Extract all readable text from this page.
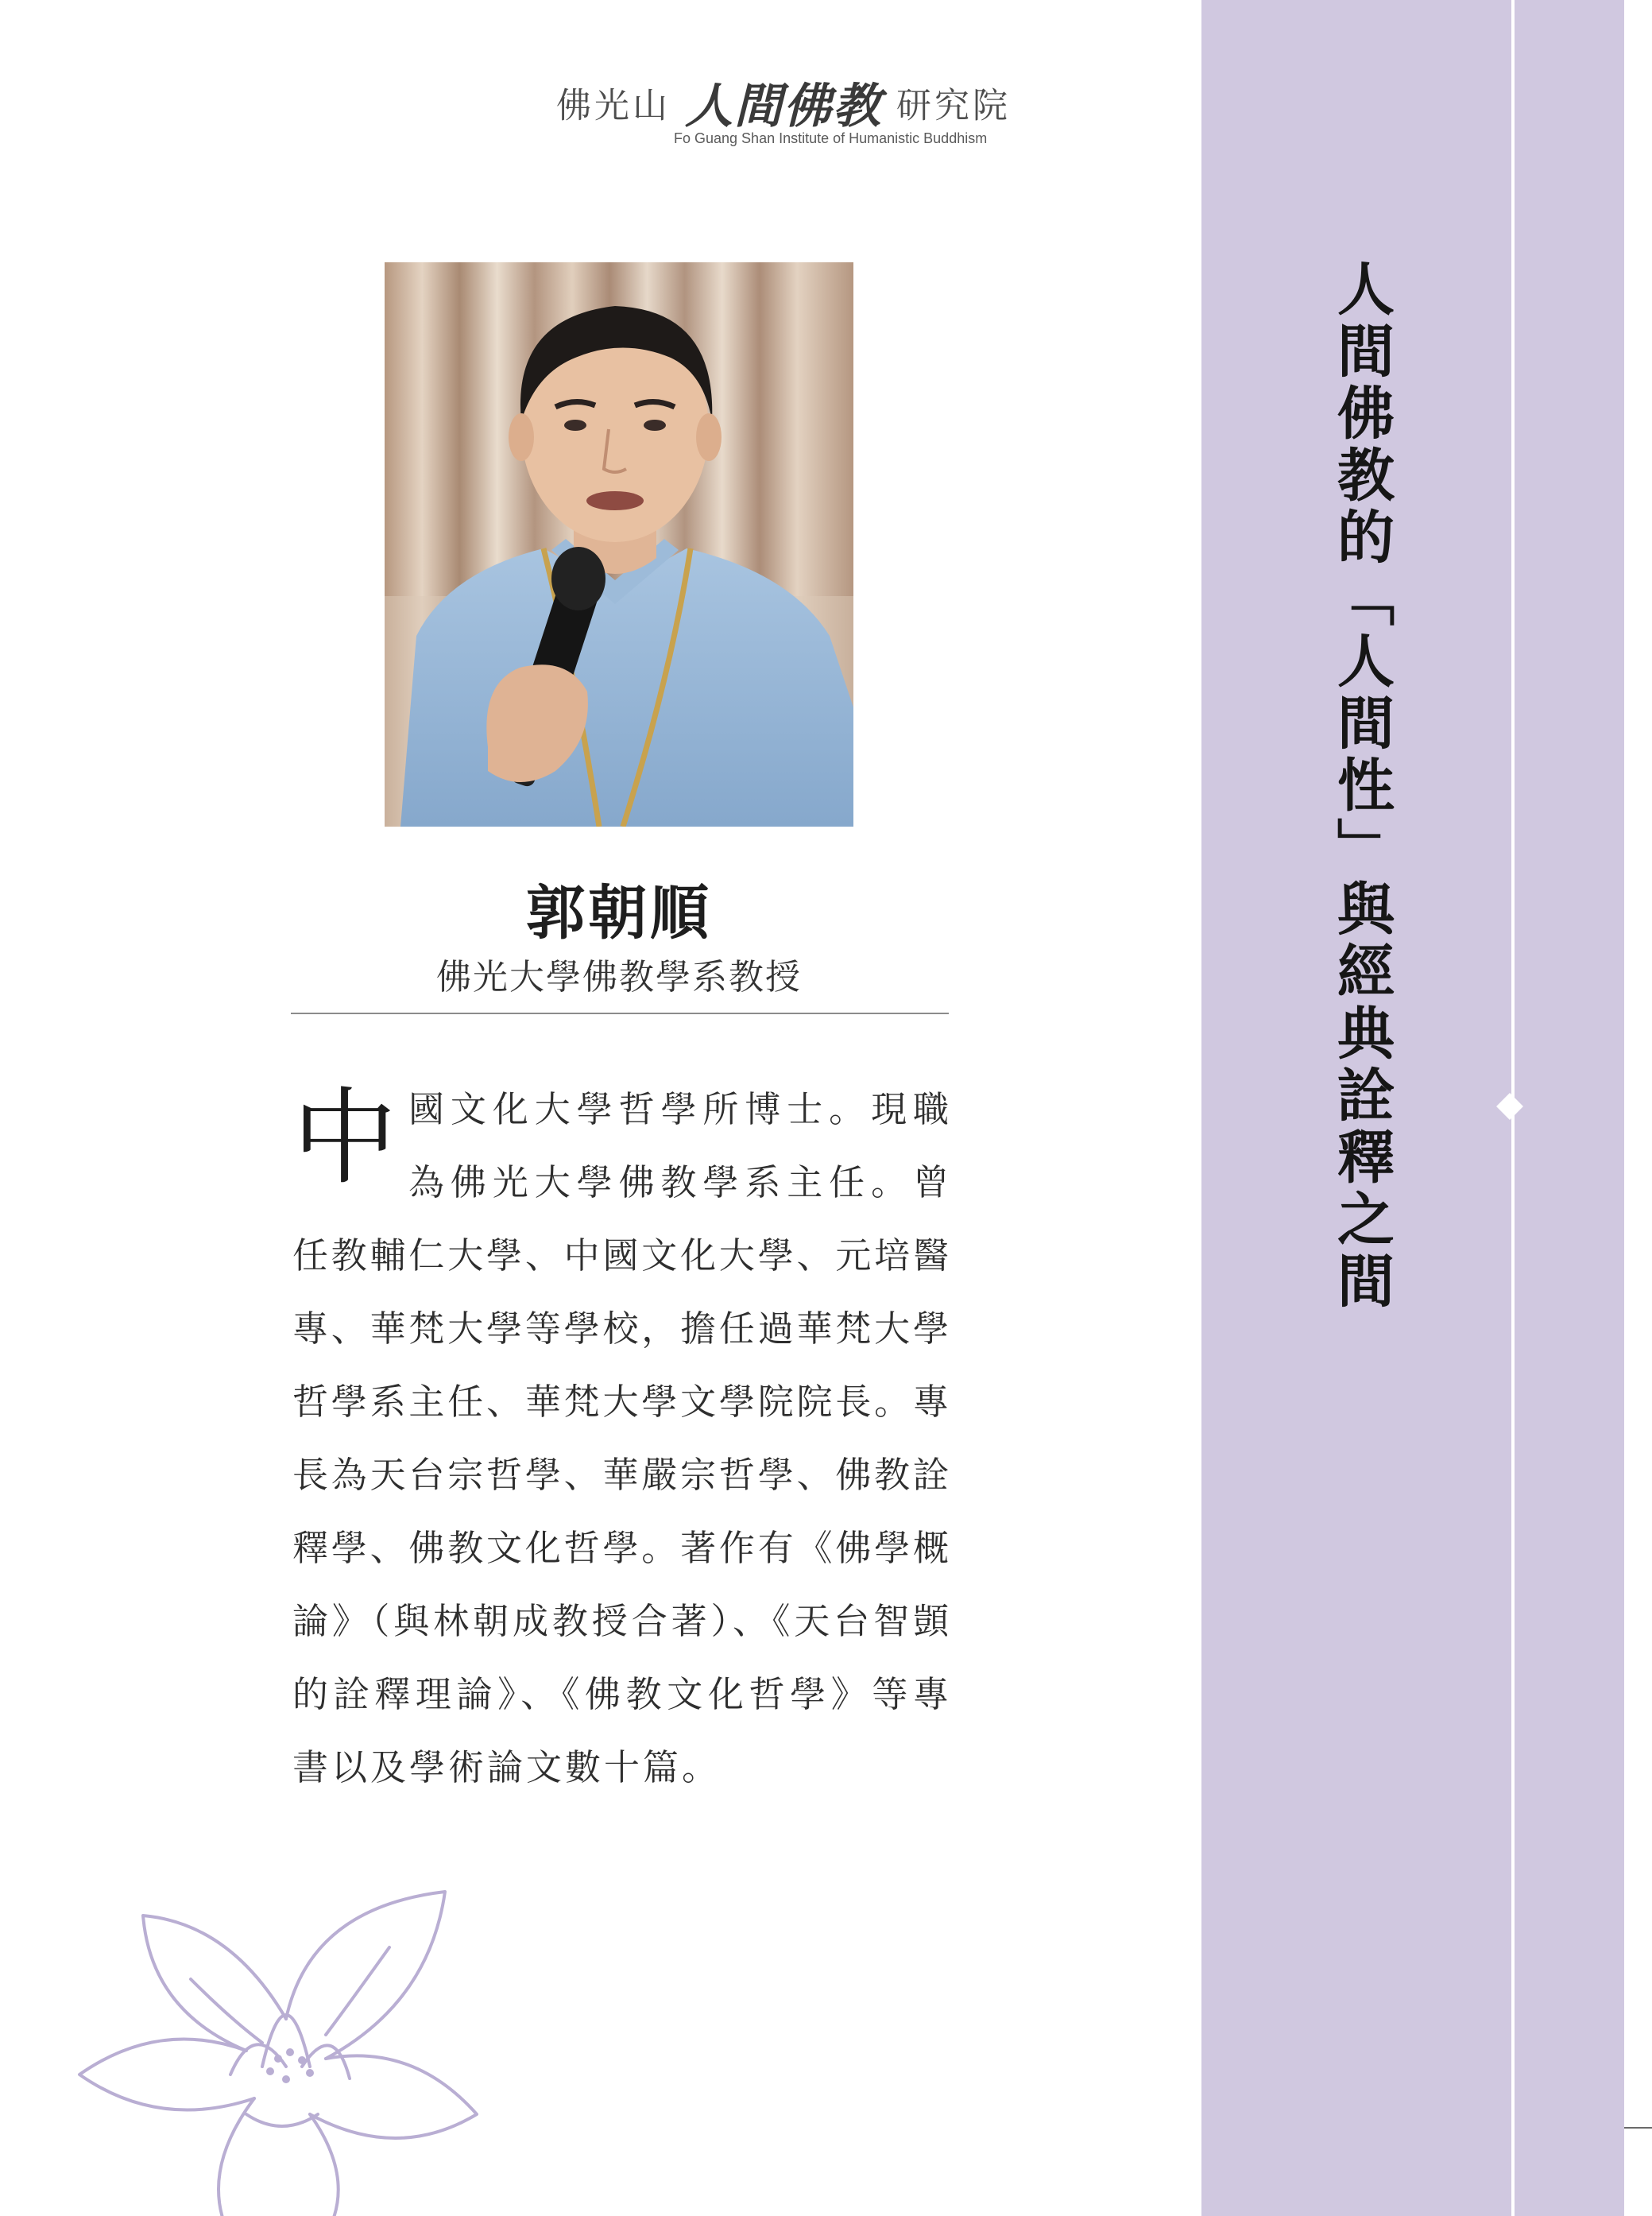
佛光山 人間佛教 研究院
Fo Guang Shan Institute of Humanistic Buddhism
郭朝順
佛光大學佛教學系教授
中 國文化大學哲學所博士。現職
為佛光大學佛教學系主任。曾
任教輔仁大學、中國文化大學、元培醫
專、華梵大學等學校，擔任過華梵大學
哲學系主任、華梵大學文學院院長。專
長為天台宗哲學、華嚴宗哲學、佛教詮
釋學、佛教文化哲學。著作有《佛學概
論》（與林朝成教授合著）、《天台智顗
的詮釋理論》、《佛教文化哲學》等專
書以及學術論文數十篇。
人間佛教的「人間性」與經典詮釋之間
